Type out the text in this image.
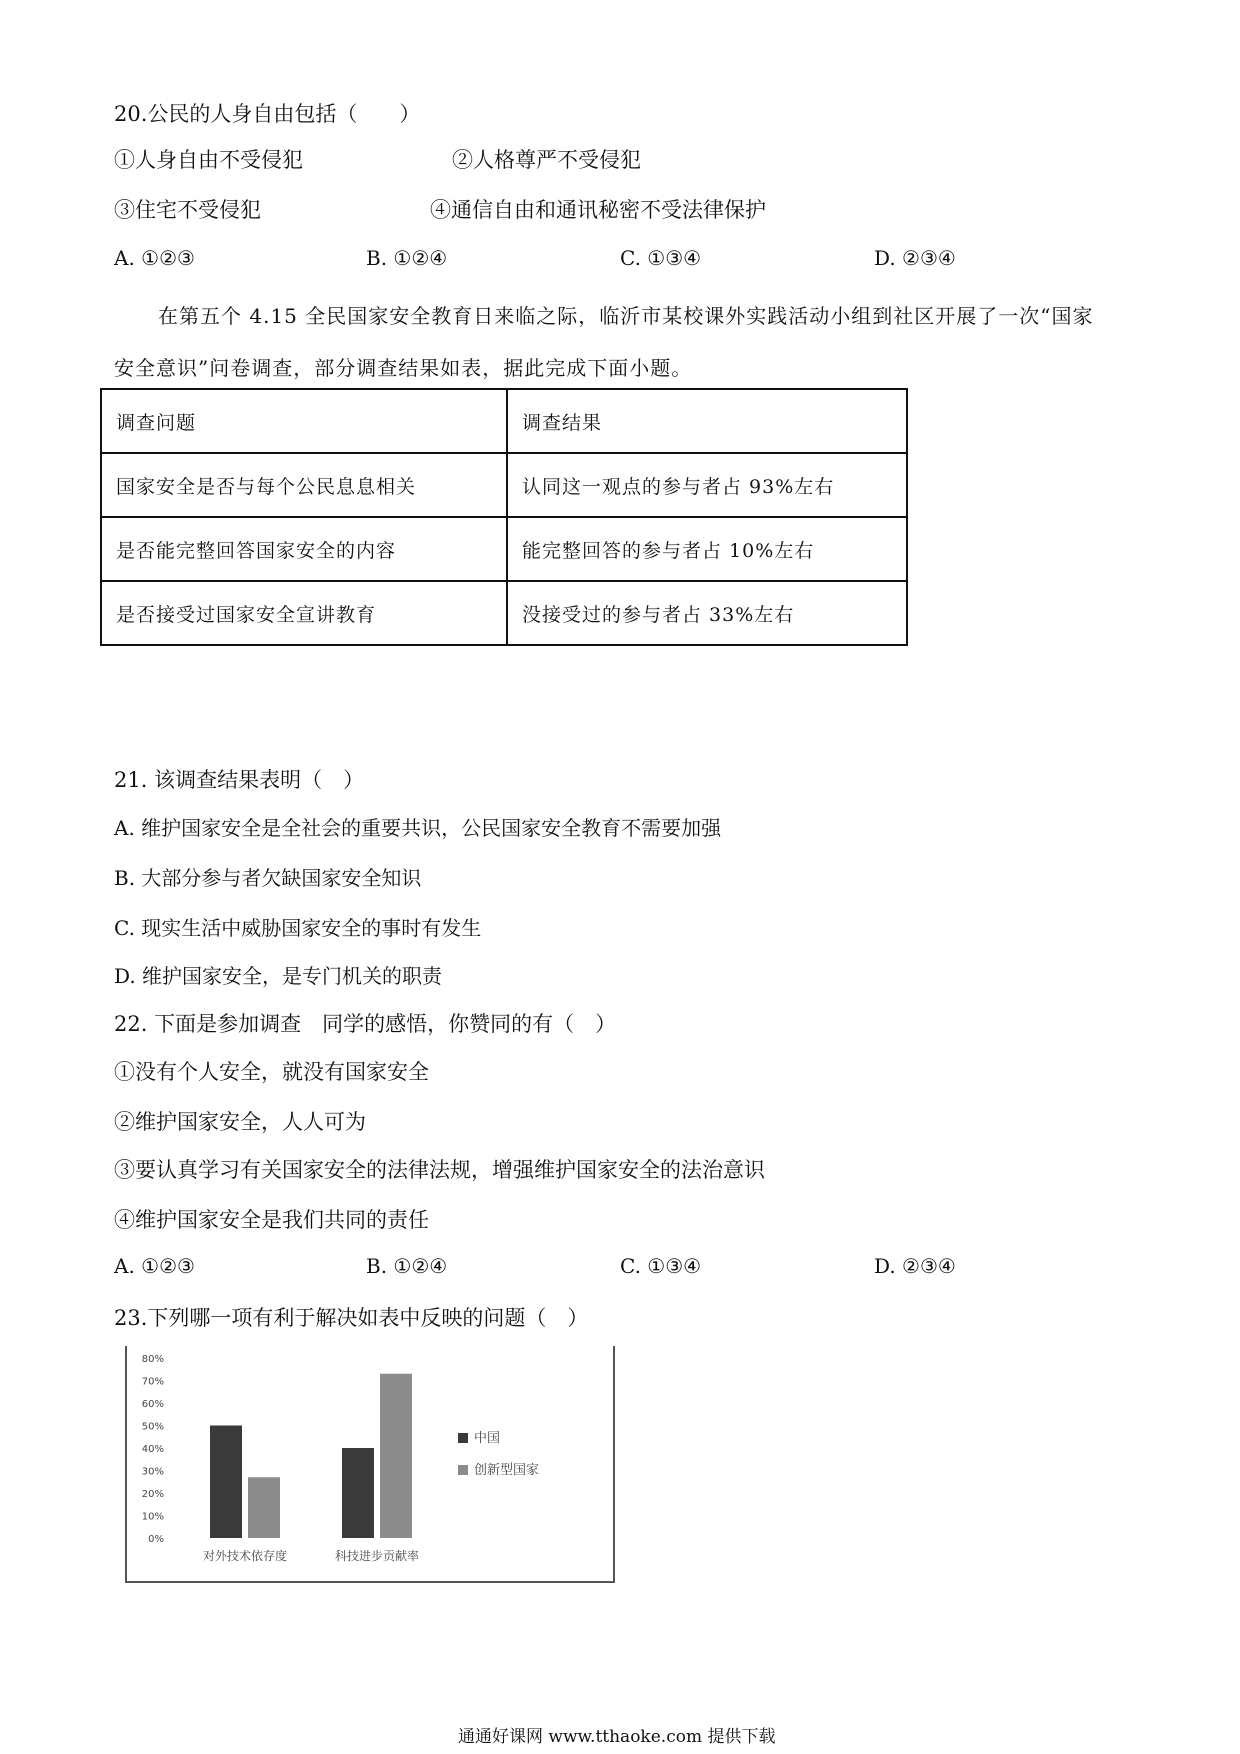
20.公民的人身自由包括（　　）
①人身自由不受侵犯	②人格尊严不受侵犯
③住宅不受侵犯	④通信自由和通讯秘密不受法律保护
A. ①②③	B. ①②④	C. ①③④	D. ②③④
在第五个 4.15 全民国家安全教育日来临之际，临沂市某校课外实践活动小组到社区开展了一次“国家
安全意识”问卷调查，部分调查结果如表，据此完成下面小题。
调查问题	调查结果
国家安全是否与每个公民息息相关	认同这一观点的参与者占 93%左右
是否能完整回答国家安全的内容	能完整回答的参与者占 10%左右
是否接受过国家安全宣讲教育	没接受过的参与者占 33%左右
21. 该调查结果表明（　）
A. 维护国家安全是全社会的重要共识，公民国家安全教育不需要加强
B. 大部分参与者欠缺国家安全知识
C. 现实生活中威胁国家安全的事时有发生
D. 维护国家安全，是专门机关的职责
22. 下面是参加调查　同学的感悟，你赞同的有（　）
①没有个人安全，就没有国家安全
②维护国家安全，人人可为
③要认真学习有关国家安全的法律法规，增强维护国家安全的法治意识
④维护国家安全是我们共同的责任
A. ①②③	B. ①②④	C. ①③④	D. ②③④
23.下列哪一项有利于解决如表中反映的问题（　）
0%
10%
20%
30%
40%
50%
60%
70%
80%
对外技术依存度	科技进步贡献率
中国
创新型国家
通通好课网 www.tthaoke.com 提供下载
